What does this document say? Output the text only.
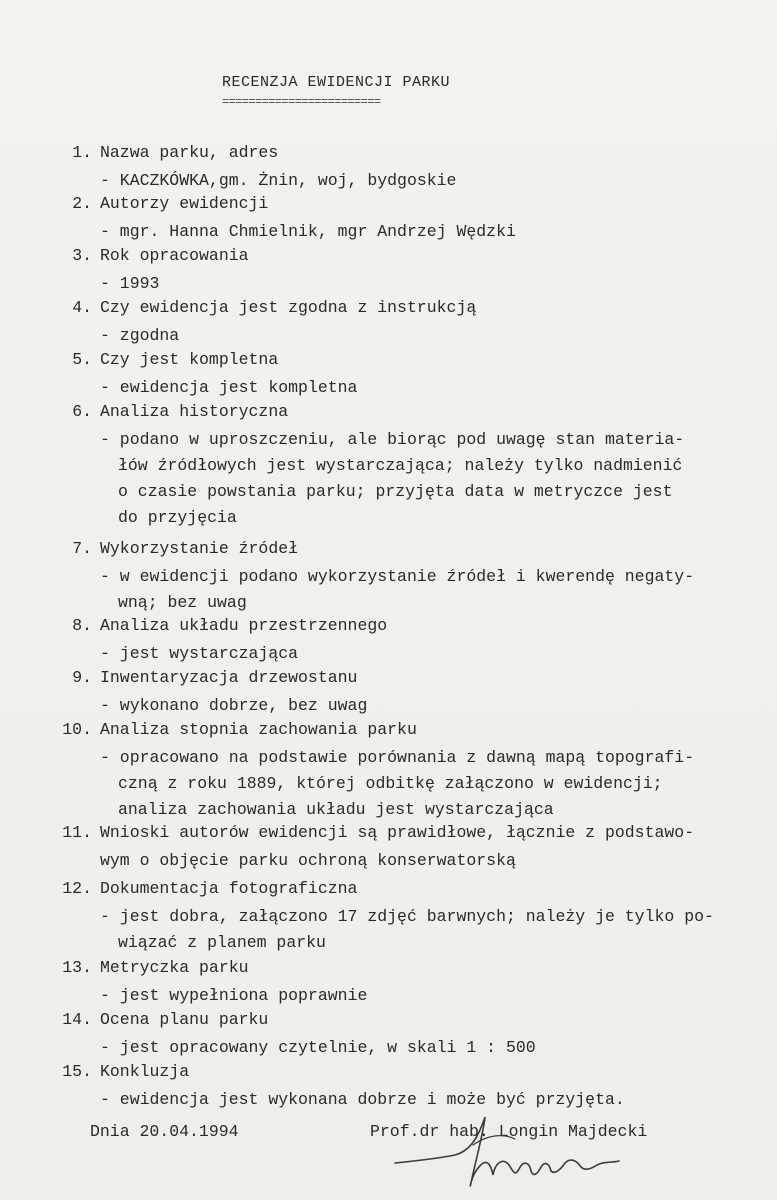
RECENZJA EWIDENCJI PARKU
========================
1. Nazwa parku, adres
- KACZKÓWKA,gm. Żnin, woj, bydgoskie
2. Autorzy ewidencji
- mgr. Hanna Chmielnik, mgr Andrzej Wędzki
3. Rok opracowania
- 1993
4. Czy ewidencja jest zgodna z instrukcją
- zgodna
5. Czy jest kompletna
- ewidencja jest kompletna
6. Analiza historyczna
- podano w uproszczeniu, ale biorąc pod uwagę stan materia-
łów źródłowych jest wystarczająca; należy tylko nadmienić
o czasie powstania parku; przyjęta data w metryczce jest
do przyjęcia
7. Wykorzystanie źródeł
- w ewidencji podano wykorzystanie źródeł i kwerendę negaty-
wną; bez uwag
8. Analiza układu przestrzennego
- jest wystarczająca
9. Inwentaryzacja drzewostanu
- wykonano dobrze, bez uwag
10. Analiza stopnia zachowania parku
- opracowano na podstawie porównania z dawną mapą topografi-
czną z roku 1889, której odbitkę załączono w ewidencji;
analiza zachowania układu jest wystarczająca
11. Wnioski autorów ewidencji są prawidłowe, łącznie z podstawo-
wym o objęcie parku ochroną konserwatorską
12. Dokumentacja fotograficzna
- jest dobra, załączono 17 zdjęć barwnych; należy je tylko po-
wiązać z planem parku
13. Metryczka parku
- jest wypełniona poprawnie
14. Ocena planu parku
- jest opracowany czytelnie, w skali 1 : 500
15. Konkluzja
- ewidencja jest wykonana dobrze i może być przyjęta.
Dnia 20.04.1994	Prof.dr hab. Longin Majdecki
